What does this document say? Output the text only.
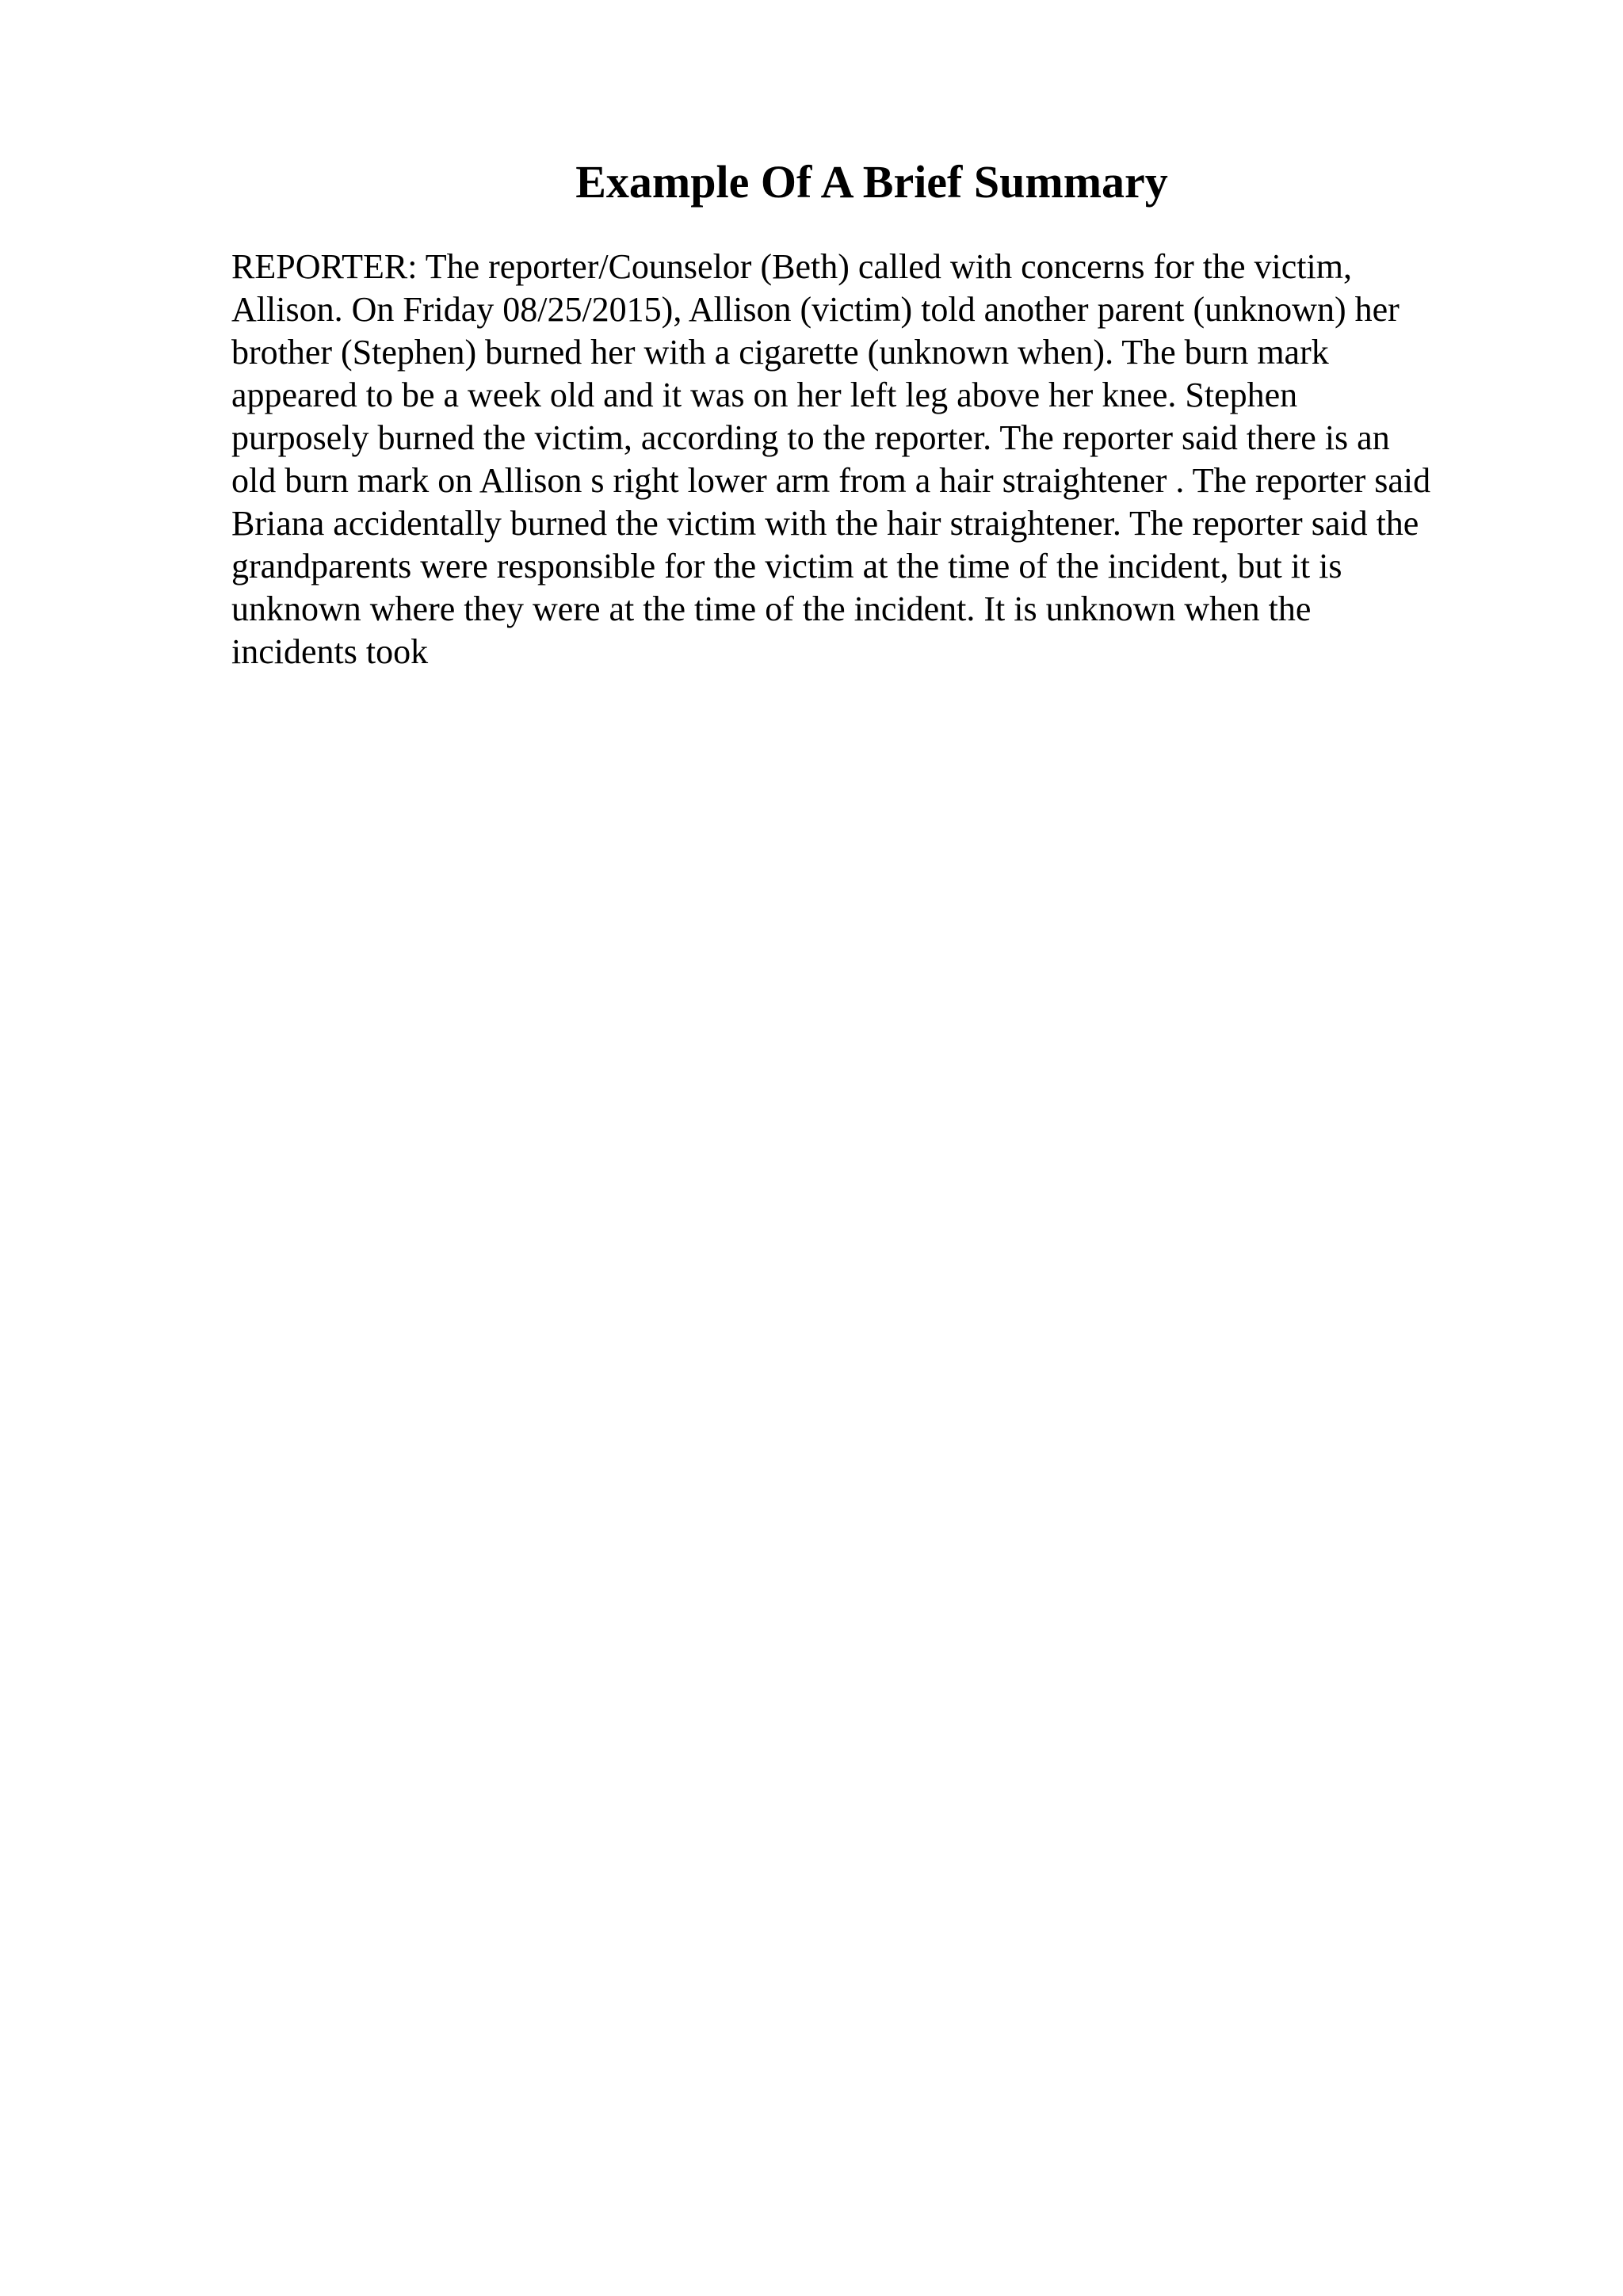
Example Of A Brief Summary
REPORTER: The reporter/Counselor (Beth) called with concerns for the victim,
Allison. On Friday 08/25/2015), Allison (victim) told another parent (unknown) her
brother (Stephen) burned her with a cigarette (unknown when). The burn mark
appeared to be a week old and it was on her left leg above her knee. Stephen
purposely burned the victim, according to the reporter. The reporter said there is an
old burn mark on Allison s right lower arm from a hair straightener . The reporter said
Briana accidentally burned the victim with the hair straightener. The reporter said the
grandparents were responsible for the victim at the time of the incident, but it is
unknown where they were at the time of the incident. It is unknown when the
incidents took
